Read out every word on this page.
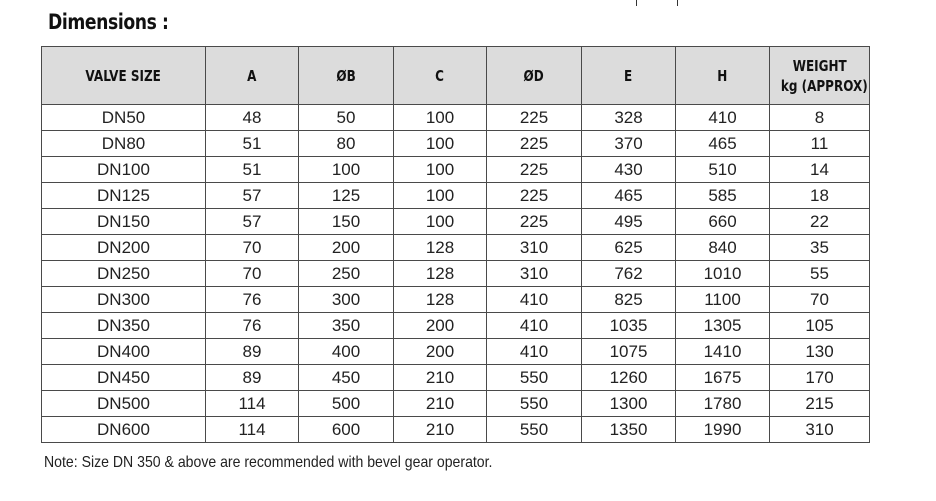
Dimensions :
VALVE SIZE	A	ØB	C	ØD	E	H	WEIGHT
kg (APPROX)
DN50	48	50	100	225	328	410	8
DN80	51	80	100	225	370	465	11
DN100	51	100	100	225	430	510	14
DN125	57	125	100	225	465	585	18
DN150	57	150	100	225	495	660	22
DN200	70	200	128	310	625	840	35
DN250	70	250	128	310	762	1010	55
DN300	76	300	128	410	825	1100	70
DN350	76	350	200	410	1035	1305	105
DN400	89	400	200	410	1075	1410	130
DN450	89	450	210	550	1260	1675	170
DN500	114	500	210	550	1300	1780	215
DN600	114	600	210	550	1350	1990	310
Note: Size DN 350 & above are recommended with bevel gear operator.
